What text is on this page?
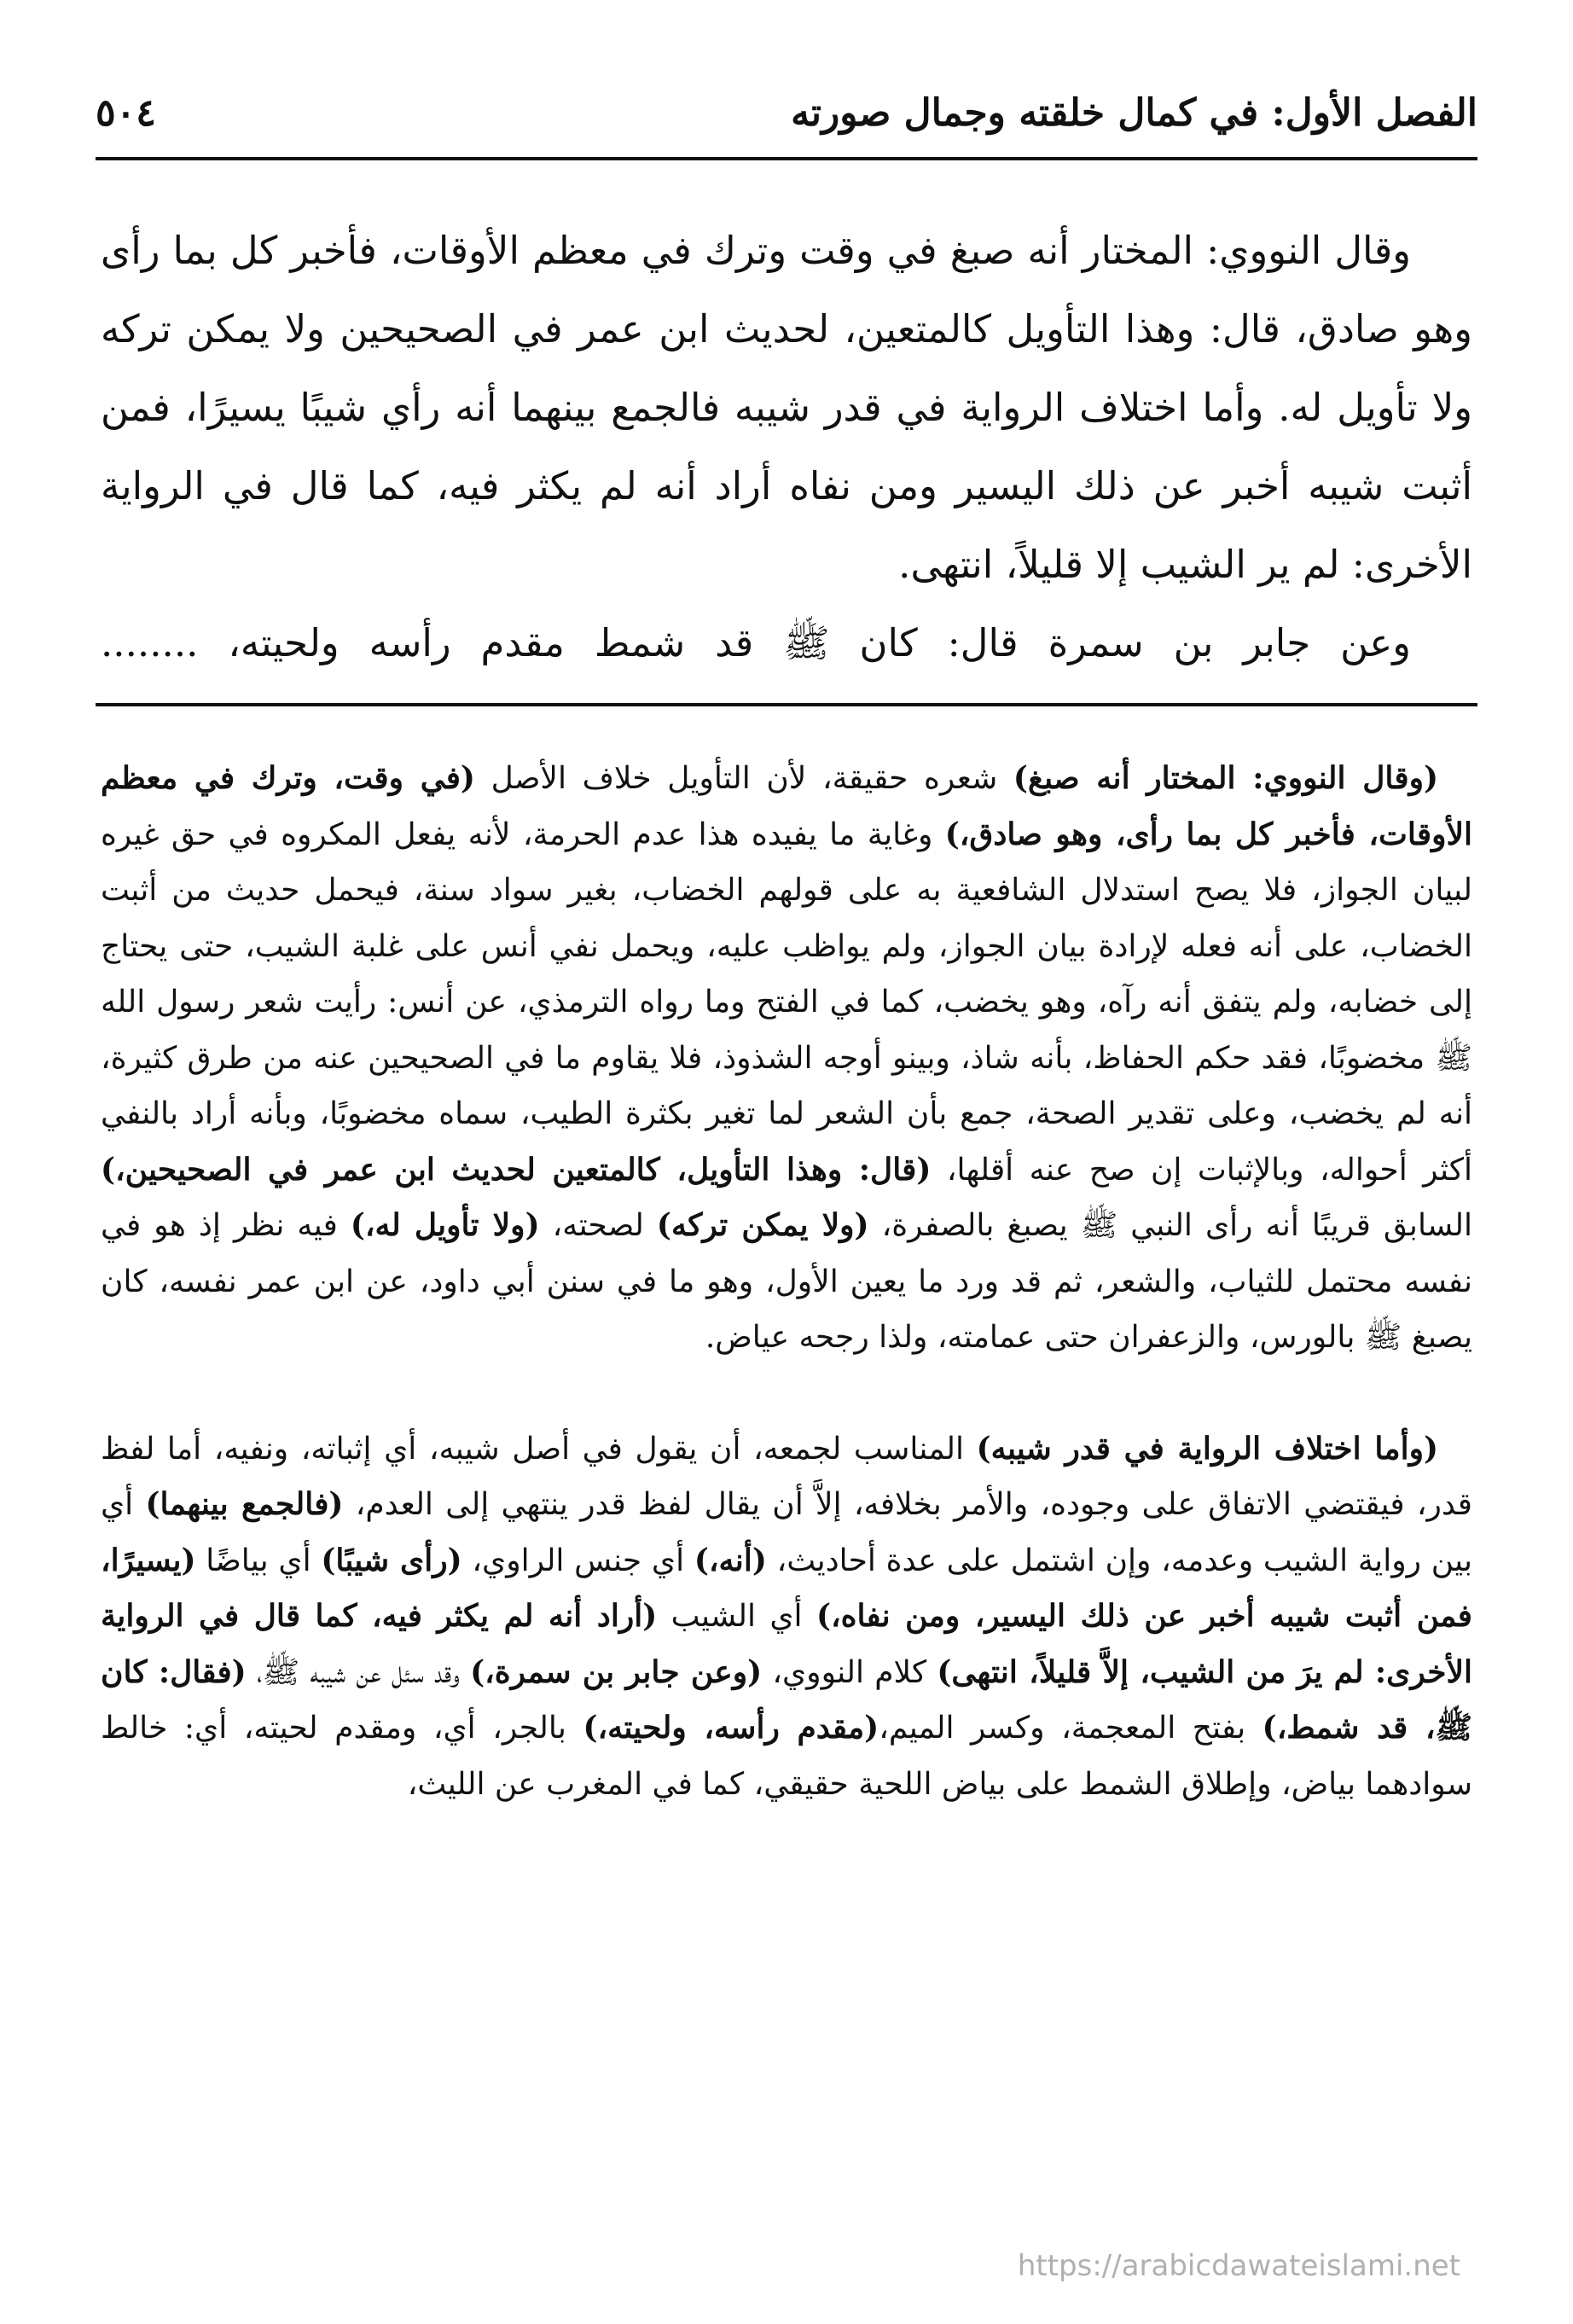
الفصل الأول: في كمال خلقته وجمال صورته
٥٠٤

وقال النووي: المختار أنه صبغ في وقت وترك في معظم الأوقات، فأخبر كل بما رأى وهو صادق، قال: وهذا التأويل كالمتعين، لحديث ابن عمر في الصحيحين ولا يمكن تركه ولا تأويل له. وأما اختلاف الرواية في قدر شيبه فالجمع بينهما أنه رأي شيبًا يسيرًا، فمن أثبت شيبه أخبر عن ذلك اليسير ومن نفاه أراد أنه لم يكثر فيه، كما قال في الرواية الأخرى: لم ير الشيب إلا قليلاً، انتهى.

وعن جابر بن سمرة قال: كان ﷺ قد شمط مقدم رأسه ولحيته، ........

(وقال النووي: المختار أنه صبغ) شعره حقيقة، لأن التأويل خلاف الأصل (في وقت، وترك في معظم الأوقات، فأخبر كل بما رأى، وهو صادق،) وغاية ما يفيده هذا عدم الحرمة، لأنه يفعل المكروه في حق غيره لبيان الجواز، فلا يصح استدلال الشافعية به على قولهم الخضاب، بغير سواد سنة، فيحمل حديث من أثبت الخضاب، على أنه فعله لإرادة بيان الجواز، ولم يواظب عليه، ويحمل نفي أنس على غلبة الشيب، حتى يحتاج إلى خضابه، ولم يتفق أنه رآه، وهو يخضب، كما في الفتح وما رواه الترمذي، عن أنس: رأيت شعر رسول الله ﷺ مخضوبًا، فقد حكم الحفاظ، بأنه شاذ، وبينو أوجه الشذوذ، فلا يقاوم ما في الصحيحين عنه من طرق كثيرة، أنه لم يخضب، وعلى تقدير الصحة، جمع بأن الشعر لما تغير بكثرة الطيب، سماه مخضوبًا، وبأنه أراد بالنفي أكثر أحواله، وبالإثبات إن صح عنه أقلها، (قال: وهذا التأويل، كالمتعين لحديث ابن عمر في الصحيحين،) السابق قريبًا أنه رأى النبي ﷺ يصبغ بالصفرة، (ولا يمكن تركه) لصحته، (ولا تأويل له،) فيه نظر إذ هو في نفسه محتمل للثياب، والشعر، ثم قد ورد ما يعين الأول، وهو ما في سنن أبي داود، عن ابن عمر نفسه، كان يصبغ ﷺ بالورس، والزعفران حتى عمامته، ولذا رجحه عياض.

(وأما اختلاف الرواية في قدر شيبه) المناسب لجمعه، أن يقول في أصل شيبه، أي إثباته، ونفيه، أما لفظ قدر، فيقتضي الاتفاق على وجوده، والأمر بخلافه، إلاَّ أن يقال لفظ قدر ينتهي إلى العدم، (فالجمع بينهما) أي بين رواية الشيب وعدمه، وإن اشتمل على عدة أحاديث، (أنه،) أي جنس الراوي، (رأى شيبًا) أي بياضًا (يسيرًا، فمن أثبت شيبه أخبر عن ذلك اليسير، ومن نفاه،) أي الشيب (أراد أنه لم يكثر فيه، كما قال في الرواية الأخرى: لم يرَ من الشيب، إلاَّ قليلاً، انتهى) كلام النووي، (وعن جابر بن سمرة،) وقد سئل عن شيبه ﷺ، (فقال: كان ﷺ، قد شمط،) بفتح المعجمة، وكسر الميم،(مقدم رأسه، ولحيته،) بالجر، أي، ومقدم لحيته، أي: خالط سوادهما بياض، وإطلاق الشمط على بياض اللحية حقيقي، كما في المغرب عن الليث،

https://arabicdawateislami.net
